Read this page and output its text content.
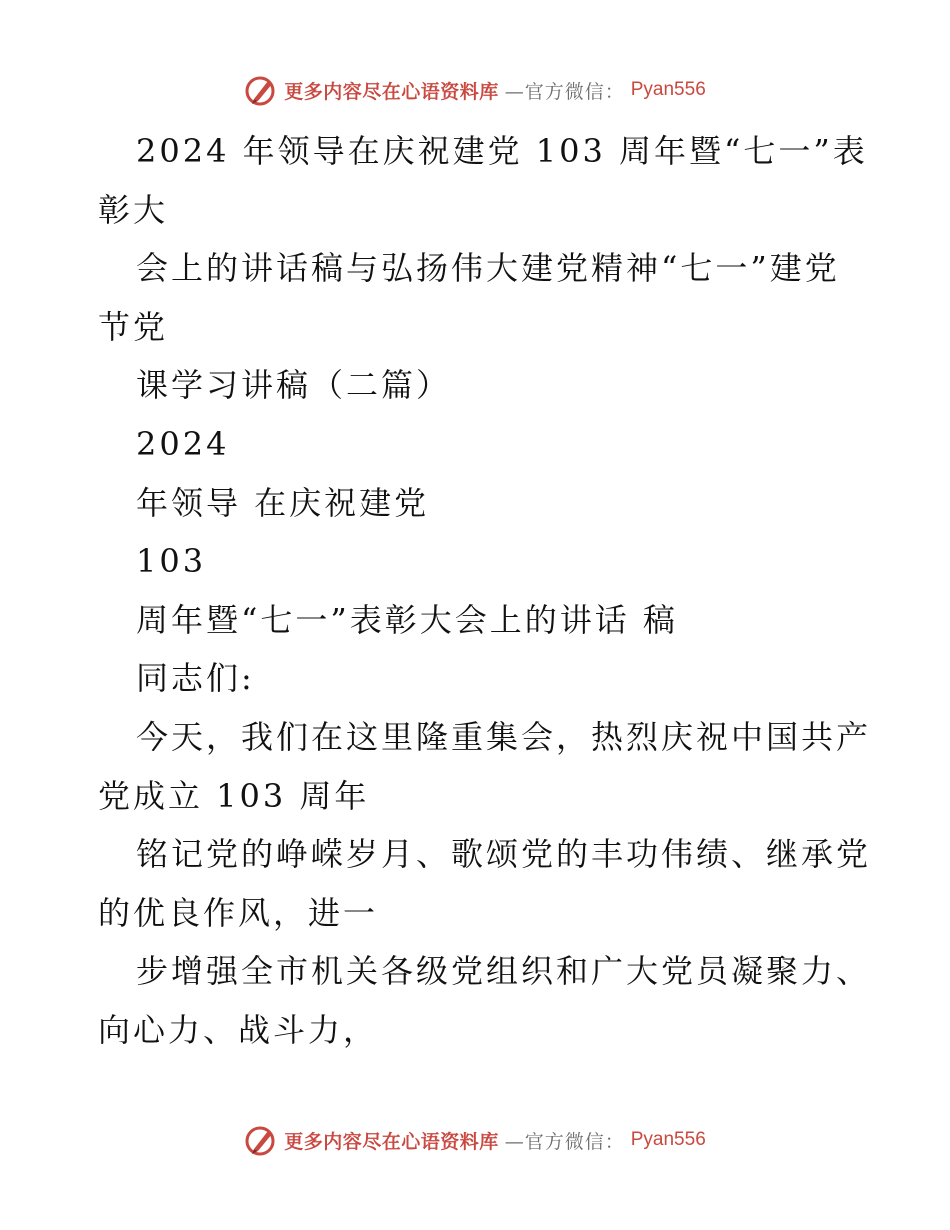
更多内容尽在心语资料库 —官方微信： Pyan556

2024 年领导在庆祝建党 103 周年暨“七一”表

彰大

会上的讲话稿与弘扬伟大建党精神“七一”建党

节党

课学习讲稿（二篇）

2024

年领导 在庆祝建党

103

周年暨“七一”表彰大会上的讲话 稿

同志们:

今天，我们在这里隆重集会，热烈庆祝中国共产

党成立 103 周年

铭记党的峥嵘岁月、歌颂党的丰功伟绩、继承党

的优良作风，进一

步增强全市机关各级党组织和广大党员凝聚力、

向心力、战斗力，

更多内容尽在心语资料库 —官方微信： Pyan556
